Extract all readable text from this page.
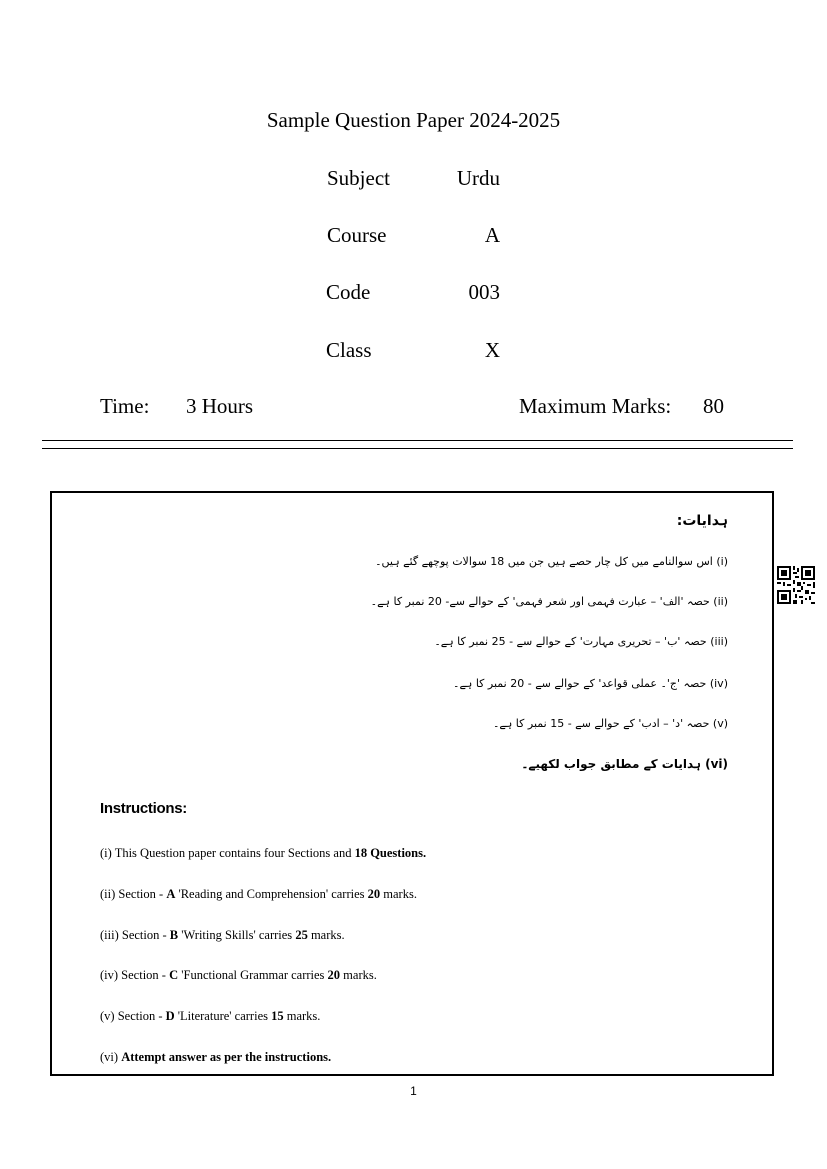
Sample Question Paper 2024-2025
Subject	Urdu
Course	A
Code	003
Class	X
Time: 3 Hours	Maximum Marks: 80
ہدایات:
(i) اس سوالنامے میں کل چار حصے ہیں جن میں 18 سوالات پوچھے گئے ہیں۔
(ii) حصہ 'الف' – عبارت فہمی اور شعر فہمی' کے حوالے سے- 20 نمبر کا ہے۔
(iii) حصہ 'ب' – تحریری مہارت' کے حوالے سے - 25 نمبر کا ہے۔
(iv) حصہ 'ج'۔ عملی قواعد' کے حوالے سے - 20 نمبر کا ہے۔
(v) حصہ 'د' – ادب' کے حوالے سے - 15 نمبر کا ہے۔
(vi) ہدایات کے مطابق جواب لکھیے۔
Instructions:
(i) This Question paper contains four Sections and 18 Questions.
(ii) Section - A 'Reading and Comprehension' carries 20 marks.
(iii) Section - B 'Writing Skills' carries 25 marks.
(iv) Section - C 'Functional Grammar carries 20 marks.
(v) Section - D 'Literature' carries 15 marks.
(vi) Attempt answer as per the instructions.
1
